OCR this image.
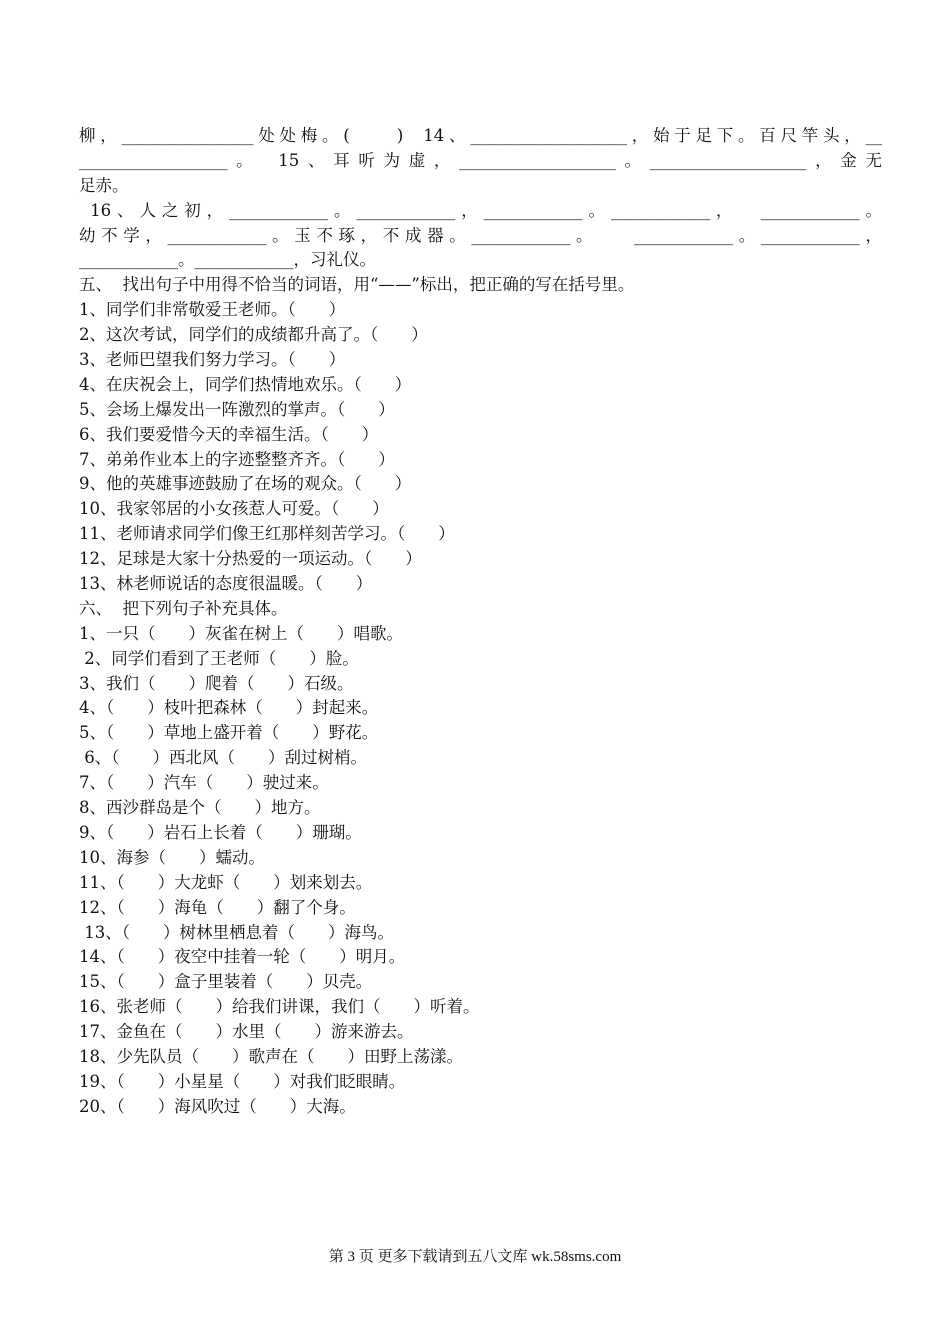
柳，________________处处梅。(　　)  14、___________________，始于足下。百尺竿头，__
__________________。　15、耳听为虚，___________________。___________________，金无
足赤。
16、人之初，____________。____________，____________。____________，  ____________。
幼不学，____________。玉不琢，不成器。____________。　　____________。____________，
____________。____________，习礼仪。
五、  找出句子中用得不恰当的词语，用“——”标出，把正确的写在括号里。
1、同学们非常敬爱王老师。（　　）
2、这次考试，同学们的成绩都升高了。（　　）
3、老师巴望我们努力学习。（　　）
4、在庆祝会上，同学们热情地欢乐。（　　）
5、会场上爆发出一阵激烈的掌声。（　　）
6、我们要爱惜今天的幸福生活。（　　）
7、弟弟作业本上的字迹整整齐齐。（　　）
9、他的英雄事迹鼓励了在场的观众。（　　）
10、我家邻居的小女孩惹人可爱。（　　）
11、老师请求同学们像王红那样刻苦学习。（　　）
12、足球是大家十分热爱的一项运动。（　　）
13、林老师说话的态度很温暖。（　　）
六、  把下列句子补充具体。
1、一只（　　）灰雀在树上（　　）唱歌。
2、同学们看到了王老师（　　）脸。
3、我们（　　）爬着（　　）石级。
4、（　　）枝叶把森林（　　）封起来。
5、（　　）草地上盛开着（　　）野花。
6、（　　）西北风（　　）刮过树梢。
7、（　　）汽车（　　）驶过来。
8、西沙群岛是个（　　）地方。
9、（　　）岩石上长着（　　）珊瑚。
10、海参（　　）蠕动。
11、（　　）大龙虾（　　）划来划去。
12、（　　）海龟（　　）翻了个身。
13、（　　）树林里栖息着（　　）海鸟。
14、（　　）夜空中挂着一轮（　　）明月。
15、（　　）盒子里装着（　　）贝壳。
16、张老师（　　）给我们讲课，我们（　　）听着。
17、金鱼在（　　）水里（　　）游来游去。
18、少先队员（　　）歌声在（　　）田野上荡漾。
19、（　　）小星星（　　）对我们眨眼睛。
20、（　　）海风吹过（　　）大海。
第 3 页 更多下载请到五八文库 wk.58sms.com
